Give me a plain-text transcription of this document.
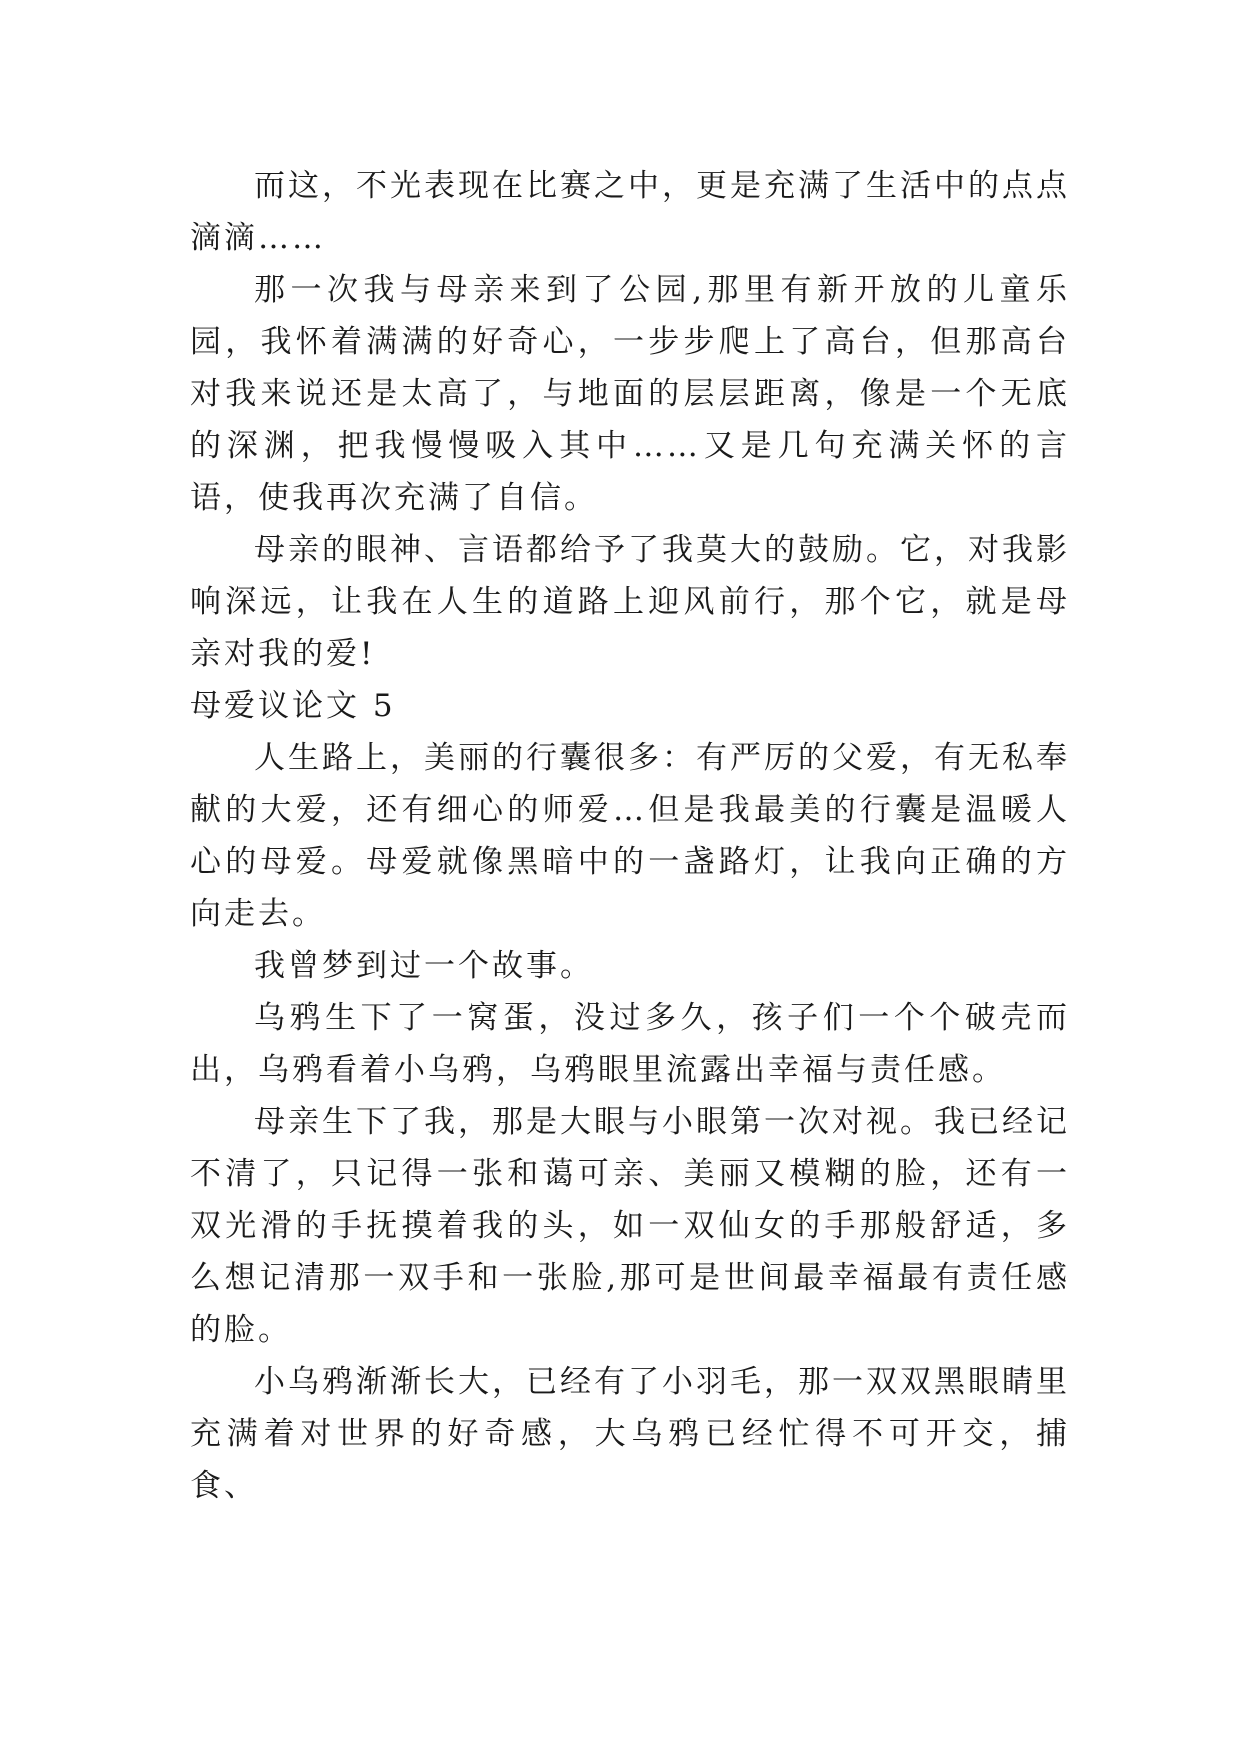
而这，不光表现在比赛之中，更是充满了生活中的点点滴滴……

那一次我与母亲来到了公园,那里有新开放的儿童乐园，我怀着满满的好奇心，一步步爬上了高台，但那高台对我来说还是太高了，与地面的层层距离，像是一个无底的深渊，把我慢慢吸入其中……又是几句充满关怀的言语，使我再次充满了自信。

母亲的眼神、言语都给予了我莫大的鼓励。它，对我影响深远，让我在人生的道路上迎风前行，那个它，就是母亲对我的爱!

母爱议论文 5

人生路上，美丽的行囊很多：有严厉的父爱，有无私奉献的大爱，还有细心的师爱…但是我最美的行囊是温暖人心的母爱。母爱就像黑暗中的一盏路灯，让我向正确的方向走去。

我曾梦到过一个故事。

乌鸦生下了一窝蛋，没过多久，孩子们一个个破壳而出，乌鸦看着小乌鸦，乌鸦眼里流露出幸福与责任感。

母亲生下了我，那是大眼与小眼第一次对视。我已经记不清了，只记得一张和蔼可亲、美丽又模糊的脸，还有一双光滑的手抚摸着我的头，如一双仙女的手那般舒适，多么想记清那一双手和一张脸,那可是世间最幸福最有责任感的脸。

小乌鸦渐渐长大，已经有了小羽毛，那一双双黑眼睛里充满着对世界的好奇感，大乌鸦已经忙得不可开交，捕食、
